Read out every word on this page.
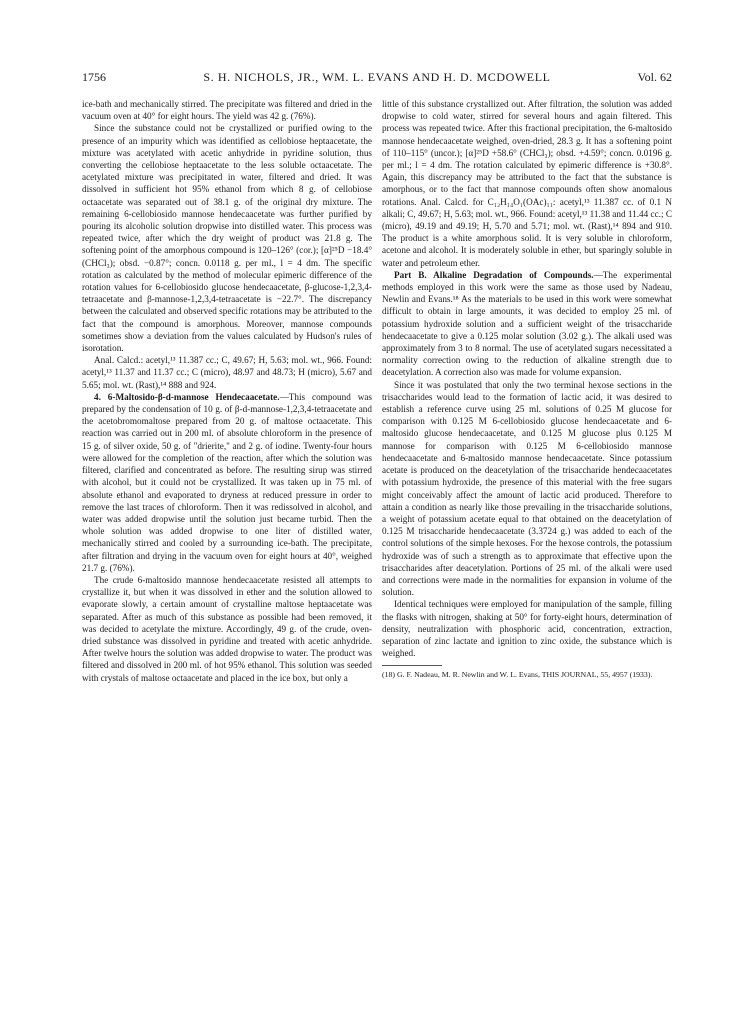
1756	S. H. NICHOLS, JR., WM. L. EVANS AND H. D. MCDOWELL	Vol. 62

ice-bath and mechanically stirred. The precipitate was filtered and dried in the vacuum oven at 40° for eight hours. The yield was 42 g. (76%).

Since the substance could not be crystallized or purified owing to the presence of an impurity which was identified as cellobiose heptaacetate, the mixture was acetylated with acetic anhydride in pyridine solution, thus converting the cellobiose heptaacetate to the less soluble octaacetate. The acetylated mixture was precipitated in water, filtered and dried. It was dissolved in sufficient hot 95% ethanol from which 8 g. of cellobiose octaacetate was separated out of 38.1 g. of the original dry mixture. The remaining 6-cellobiosido mannose hendecaacetate was further purified by pouring its alcoholic solution dropwise into distilled water. This process was repeated twice, after which the dry weight of product was 21.8 g. The softening point of the amorphous compound is 120–126° (cor.); [α]²⁵D −18.4° (CHCl₃); obsd. −0.87°; concn. 0.0118 g. per ml., l = 4 dm. The specific rotation as calculated by the method of molecular epimeric difference of the rotation values for 6-cellobiosido glucose hendecaacetate, β-glucose-1,2,3,4-tetraacetate and β-mannose-1,2,3,4-tetraacetate is −22.7°. The discrepancy between the calculated and observed specific rotations may be attributed to the fact that the compound is amorphous. Moreover, mannose compounds sometimes show a deviation from the values calculated by Hudson's rules of isorotation.

Anal. Calcd.: acetyl,¹³ 11.387 cc.; C, 49.67; H, 5.63; mol. wt., 966. Found: acetyl,¹³ 11.37 and 11.37 cc.; C (micro), 48.97 and 48.73; H (micro), 5.67 and 5.65; mol. wt. (Rast),¹⁴ 888 and 924.

4. 6-Maltosido-β-d-mannose Hendecaacetate.—This compound was prepared by the condensation of 10 g. of β-d-mannose-1,2,3,4-tetraacetate and the acetobromomaltose prepared from 20 g. of maltose octaacetate. This reaction was carried out in 200 ml. of absolute chloroform in the presence of 15 g. of silver oxide, 50 g. of "drierite," and 2 g. of iodine. Twenty-four hours were allowed for the completion of the reaction, after which the solution was filtered, clarified and concentrated as before. The resulting sirup was stirred with alcohol, but it could not be crystallized. It was taken up in 75 ml. of absolute ethanol and evaporated to dryness at reduced pressure in order to remove the last traces of chloroform. Then it was redissolved in alcohol, and water was added dropwise until the solution just became turbid. Then the whole solution was added dropwise to one liter of distilled water, mechanically stirred and cooled by a surrounding ice-bath. The precipitate, after filtration and drying in the vacuum oven for eight hours at 40°, weighed 21.7 g. (76%).

The crude 6-maltosido mannose hendecaacetate resisted all attempts to crystallize it, but when it was dissolved in ether and the solution allowed to evaporate slowly, a certain amount of crystalline maltose heptaacetate was separated. After as much of this substance as possible had been removed, it was decided to acetylate the mixture. Accordingly, 49 g. of the crude, oven-dried substance was dissolved in pyridine and treated with acetic anhydride. After twelve hours the solution was added dropwise to water. The product was filtered and dissolved in 200 ml. of hot 95% ethanol. This solution was seeded with crystals of maltose octaacetate and placed in the ice box, but only a

little of this substance crystallized out. After filtration, the solution was added dropwise to cold water, stirred for several hours and again filtered. This process was repeated twice. After this fractional precipitation, the 6-maltosido mannose hendecaacetate weighed, oven-dried, 28.3 g. It has a softening point of 110–115° (uncor.); [α]²⁵D +58.6° (CHCl₃); obsd. +4.59°; concn. 0.0196 g. per ml.; l = 4 dm. The rotation calculated by epimeric difference is +30.8°. Again, this discrepancy may be attributed to the fact that the substance is amorphous, or to the fact that mannose compounds often show anomalous rotations. Anal. Calcd. for C₁₂H₁₄O₁(OAc)₁₁: acetyl,¹³ 11.387 cc. of 0.1 N alkali; C, 49.67; H, 5.63; mol. wt., 966. Found: acetyl,¹³ 11.38 and 11.44 cc.; C (micro), 49.19 and 49.19; H, 5.70 and 5.71; mol. wt. (Rast),¹⁴ 894 and 910. The product is a white amorphous solid. It is very soluble in chloroform, acetone and alcohol. It is moderately soluble in ether, but sparingly soluble in water and petroleum ether.

Part B. Alkaline Degradation of Compounds.—The experimental methods employed in this work were the same as those used by Nadeau, Newlin and Evans.¹⁸ As the materials to be used in this work were somewhat difficult to obtain in large amounts, it was decided to employ 25 ml. of potassium hydroxide solution and a sufficient weight of the trisaccharide hendecaacetate to give a 0.125 molar solution (3.02 g.). The alkali used was approximately from 3 to 8 normal. The use of acetylated sugars necessitated a normality correction owing to the reduction of alkaline strength due to deacetylation. A correction also was made for volume expansion.

Since it was postulated that only the two terminal hexose sections in the trisaccharides would lead to the formation of lactic acid, it was desired to establish a reference curve using 25 ml. solutions of 0.25 M glucose for comparison with 0.125 M 6-cellobiosido glucose hendecaacetate and 6-maltosido glucose hendecaacetate, and 0.125 M glucose plus 0.125 M mannose for comparison with 0.125 M 6-cellobiosido mannose hendecaacetate and 6-maltosido mannose hendecaacetate. Since potassium acetate is produced on the deacetylation of the trisaccharide hendecaacetates with potassium hydroxide, the presence of this material with the free sugars might conceivably affect the amount of lactic acid produced. Therefore to attain a condition as nearly like those prevailing in the trisaccharide solutions, a weight of potassium acetate equal to that obtained on the deacetylation of 0.125 M trisaccharide hendecaacetate (3.3724 g.) was added to each of the control solutions of the simple hexoses. For the hexose controls, the potassium hydroxide was of such a strength as to approximate that effective upon the trisaccharides after deacetylation. Portions of 25 ml. of the alkali were used and corrections were made in the normalities for expansion in volume of the solution.

Identical techniques were employed for manipulation of the sample, filling the flasks with nitrogen, shaking at 50° for forty-eight hours, determination of density, neutralization with phosphoric acid, concentration, extraction, separation of zinc lactate and ignition to zinc oxide, the substance which is weighed.

(18) G. F. Nadeau, M. R. Newlin and W. L. Evans, THIS JOURNAL, 55, 4957 (1933).
